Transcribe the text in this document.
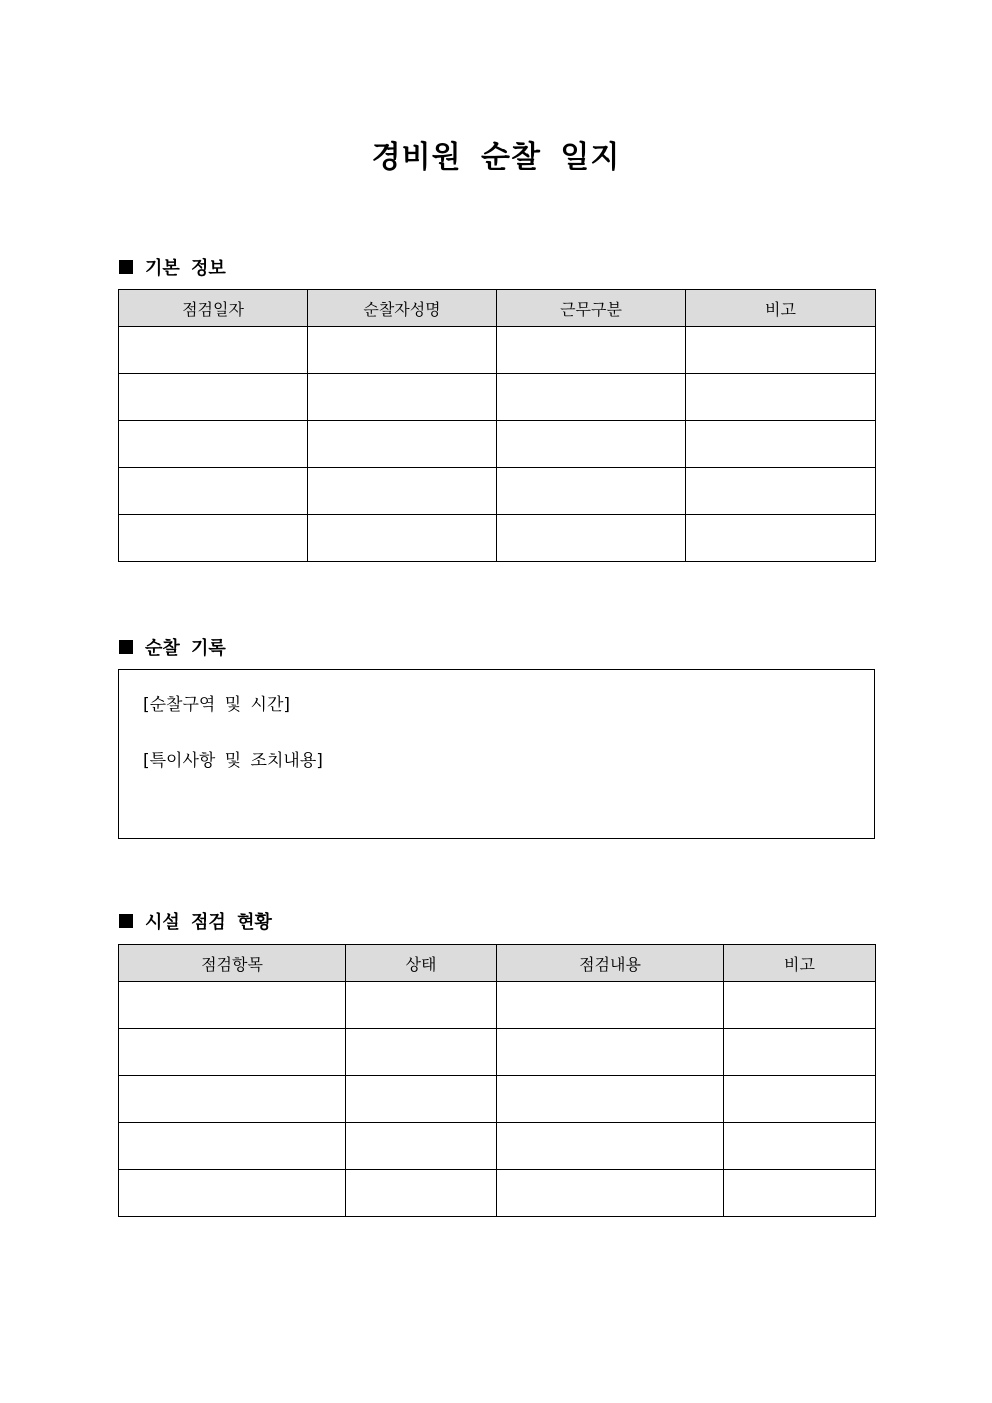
경비원 순찰 일지
기본 정보
점검일자	순찰자성명	근무구분	비고

순찰 기록
[순찰구역 및 시간]
[특이사항 및 조치내용]
시설 점검 현황
점검항목	상태	점검내용	비고
